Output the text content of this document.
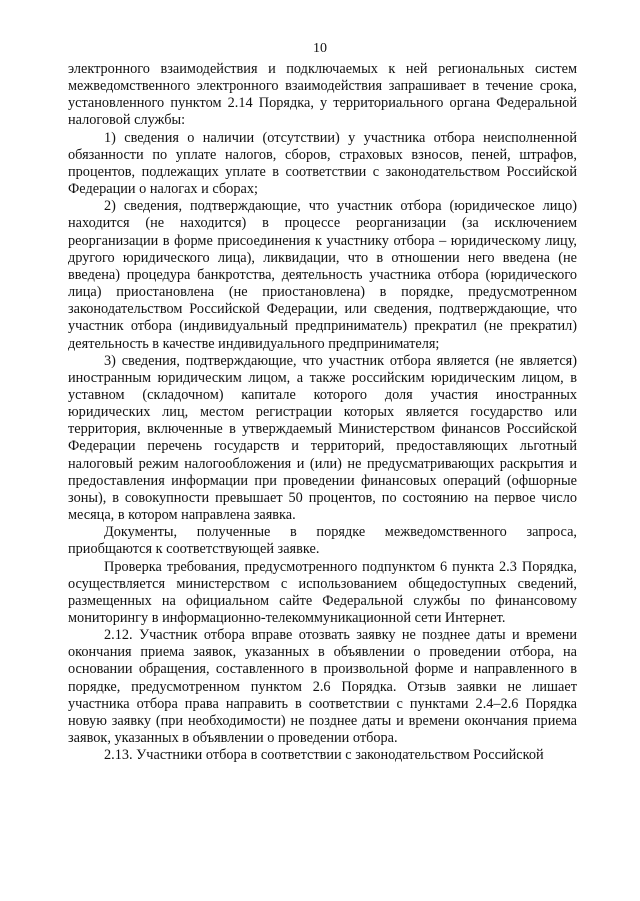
10

электронного взаимодействия и подключаемых к ней региональных систем межведомственного электронного взаимодействия запрашивает в течение срока, установленного пунктом 2.14 Порядка, у территориального органа Федеральной налоговой службы:

1) сведения о наличии (отсутствии) у участника отбора неисполненной обязанности по уплате налогов, сборов, страховых взносов, пеней, штрафов, процентов, подлежащих уплате в соответствии с законодательством Российской Федерации о налогах и сборах;

2) сведения, подтверждающие, что участник отбора (юридическое лицо) находится (не находится) в процессе реорганизации (за исключением реорганизации в форме присоединения к участнику отбора – юридическому лицу, другого юридического лица), ликвидации, что в отношении него введена (не введена) процедура банкротства, деятельность участника отбора (юридического лица) приостановлена (не приостановлена) в порядке, предусмотренном законодательством Российской Федерации, или сведения, подтверждающие, что участник отбора (индивидуальный предприниматель) прекратил (не прекратил) деятельность в качестве индивидуального предпринимателя;

3) сведения, подтверждающие, что участник отбора является (не является) иностранным юридическим лицом, а также российским юридическим лицом, в уставном (складочном) капитале которого доля участия иностранных юридических лиц, местом регистрации которых является государство или территория, включенные в утверждаемый Министерством финансов Российской Федерации перечень государств и территорий, предоставляющих льготный налоговый режим налогообложения и (или) не предусматривающих раскрытия и предоставления информации при проведении финансовых операций (офшорные зоны), в совокупности превышает 50 процентов, по состоянию на первое число месяца, в котором направлена заявка.

Документы, полученные в порядке межведомственного запроса, приобщаются к соответствующей заявке.

Проверка требования, предусмотренного подпунктом 6 пункта 2.3 Порядка, осуществляется министерством с использованием общедоступных сведений, размещенных на официальном сайте Федеральной службы по финансовому мониторингу в информационно-телекоммуникационной сети Интернет.

2.12. Участник отбора вправе отозвать заявку не позднее даты и времени окончания приема заявок, указанных в объявлении о проведении отбора, на основании обращения, составленного в произвольной форме и направленного в порядке, предусмотренном пунктом 2.6 Порядка. Отзыв заявки не лишает участника отбора права направить в соответствии с пунктами 2.4–2.6 Порядка новую заявку (при необходимости) не позднее даты и времени окончания приема заявок, указанных в объявлении о проведении отбора.

2.13. Участники отбора в соответствии с законодательством Российской
